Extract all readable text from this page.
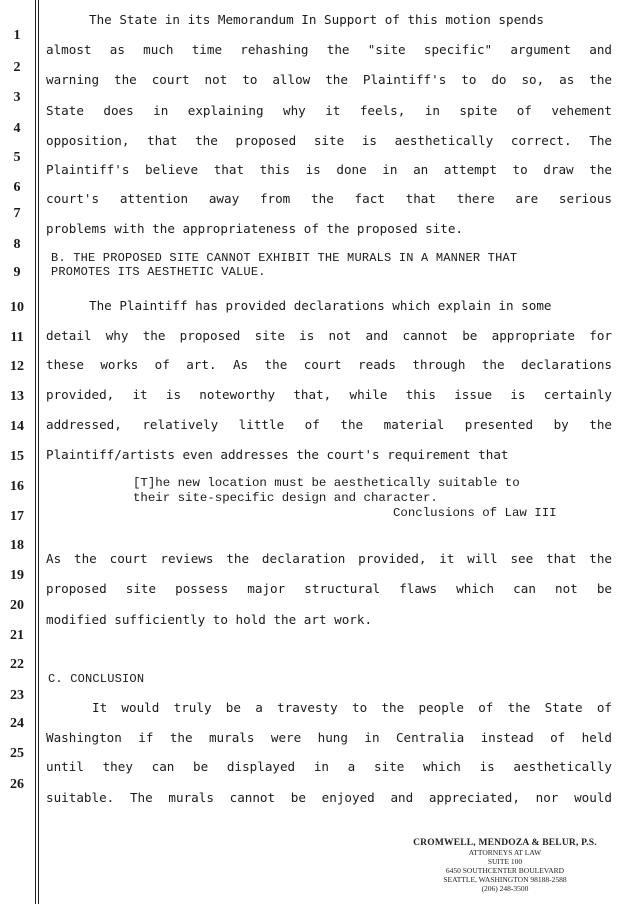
1
2
3
4
5
6
7
8
9
10
11
12
13
14
15
16
17
18
19
20
21
22
23
24
25
26
The State in its Memorandum In Support of this motion spends
almost as much time rehashing the "site specific" argument and
warning the court not to allow the Plaintiff's to do so, as the
State does in explaining why it feels, in spite of vehement
opposition, that the proposed site is aesthetically correct. The
Plaintiff's believe that this is done in an attempt to draw the
court's attention away from the fact that there are serious
problems with the appropriateness of the proposed site.
B. THE PROPOSED SITE CANNOT EXHIBIT THE MURALS IN A MANNER THAT
PROMOTES ITS AESTHETIC VALUE.
The Plaintiff has provided declarations which explain in some
detail why the proposed site is not and cannot be appropriate for
these works of art. As the court reads through the declarations
provided, it is noteworthy that, while this issue is certainly
addressed, relatively little of the material presented by the
Plaintiff/artists even addresses the court's requirement that
[T]he new location must be aesthetically suitable to
their site-specific design and character.
Conclusions of Law III
As the court reviews the declaration provided, it will see that the
proposed site possess major structural flaws which can not be
modified sufficiently to hold the art work.
C. CONCLUSION
It would truly be a travesty to the people of the State of
Washington if the murals were hung in Centralia instead of held
until they can be displayed in a site which is aesthetically
suitable. The murals cannot be enjoyed and appreciated, nor would
CROMWELL, MENDOZA & BELUR, P.S.
ATTORNEYS AT LAW
SUITE 100
6450 SOUTHCENTER BOULEVARD
SEATTLE, WASHINGTON 98188-2588
(206) 248-3500
